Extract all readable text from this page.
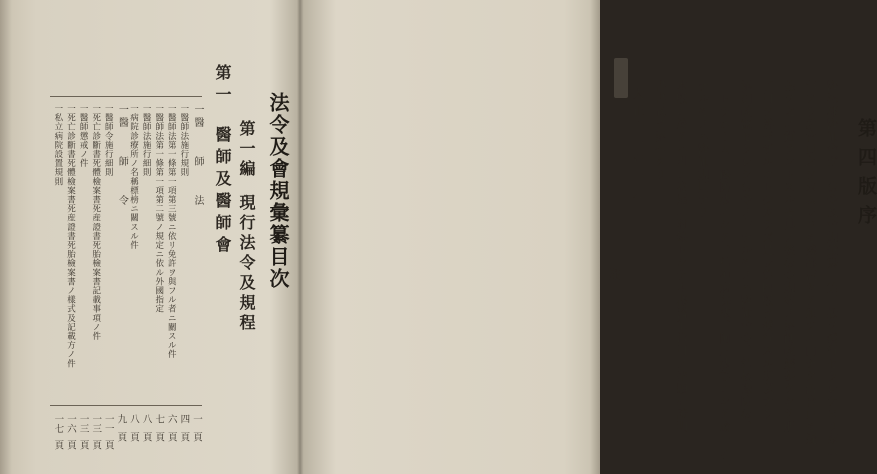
法令及會規彙纂目次
第一編現行法令及規程
第一醫師及醫師會
一醫　　師　　法
一
頁
一醫師法施行規則
四
頁
一醫師法第一條第一項第三號ニ依リ免許ヲ與フル者ニ關スル件
六
頁
一醫師法第一條第一項第二號ノ規定ニ依ル外國指定
七
頁
一醫師法施行細則
八
頁
一病院診療所ノ名稱標榜ニ關スル件
八
頁
一醫　　師　　令
九
頁
一醫師令施行細則
一一
頁
一死亡診斷書死體檢案書死産證書死胎檢案書記載事項ノ件
一三
頁
一醫師懲戒ノ件
一三
頁
一死亡診斷書死體檢案書死産證書死胎檢案書ノ樣式及記載方ノ件
一六
頁
一私立病院設置規則
一七
頁
第四版序
醫海郡醫師會ガ「法令及會規彙纂」第三版ヲ發行セラレテヨリ茲ニ
年アリ新會員之ヲ求ムレドモ殘部盡キテ頒ツニ由ナク舊會員モ疑
義ヲ之ニ質サントスルモ其ノ後法令規約ノ添削改變多クシテ册
子用ヲ辨ゼザルコト少カラズ是レ第四版ヲ發行スル所以ナリ
添加改竄セラレシ法令ノ主ナルモノハ醫師會令、結核豫防法、
「トラホーム」豫防法ニシテ、精神病院法、阿片法等ニシテ廢止ノ主
ナルモノハ醫師規則ナリ
本版ニ於テハ別ニ卷尾ニ附錄トシテ本郡醫師常用ノ諸願届證明
書書式ヲ添ヘタリ
大正十一年一月
識
